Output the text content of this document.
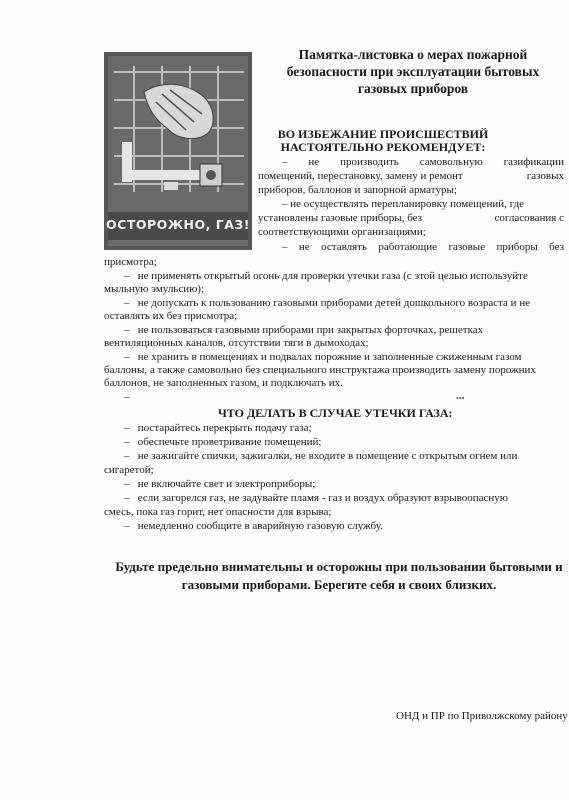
ОСТОРОЖНО, ГАЗ!
Памятка-листовка о мерах пожарной безопасности при эксплуатации бытовых газовых приборов
ВО ИЗБЕЖАНИЕ ПРОИСШЕСТВИЙ
НАСТОЯТЕЛЬНО РЕКОМЕНДУЕТ:
– не производить самовольную газификации
помещений, перестановку, замену и ремонт	газовых
приборов, баллонов и запорной арматуры;
– не осуществлять перепланировку помещений, где
установлены газовые приборы, без	согласования с
соответствующими организациями;
– не оставлять работающие газовые приборы без
присмотра;
– не применять открытый огонь для проверки утечки газа (с этой целью используйте
мыльную эмульсию);
– не допускать к пользованию газовыми приборами детей дошкольного возраста и не
оставлять их без присмотра;
– не пользоваться газовыми приборами при закрытых форточках, решетках
вентиляционных каналов, отсутствии тяги в дымоходах;
– не хранить в помещениях и подвалах порожние и заполненные сжиженным газом
баллоны, а также самовольно без специального инструктажа производить замену порожних
баллонов, не заполненных газом, и подключать их.
–	•••
ЧТО ДЕЛАТЬ В СЛУЧАЕ УТЕЧКИ ГАЗА:
– постарайтесь перекрыть подачу газа;
– обеспечьте проветривание помещений;
– не зажигайте спички, зажигалки, не входите в помещение с открытым огнем или
сигаретой;
– не включайте свет и электроприборы;
– если загорелся газ, не задувайте пламя - газ и воздух образуют взрывоопасную
смесь, пока газ горит, нет опасности для взрыва;
– немедленно сообщите в аварийную газовую службу.
Будьте предельно внимательны и осторожны при пользовании бытовыми и газовыми приборами. Берегите себя и своих близких.
ОНД и ПР по Приволжскому району
